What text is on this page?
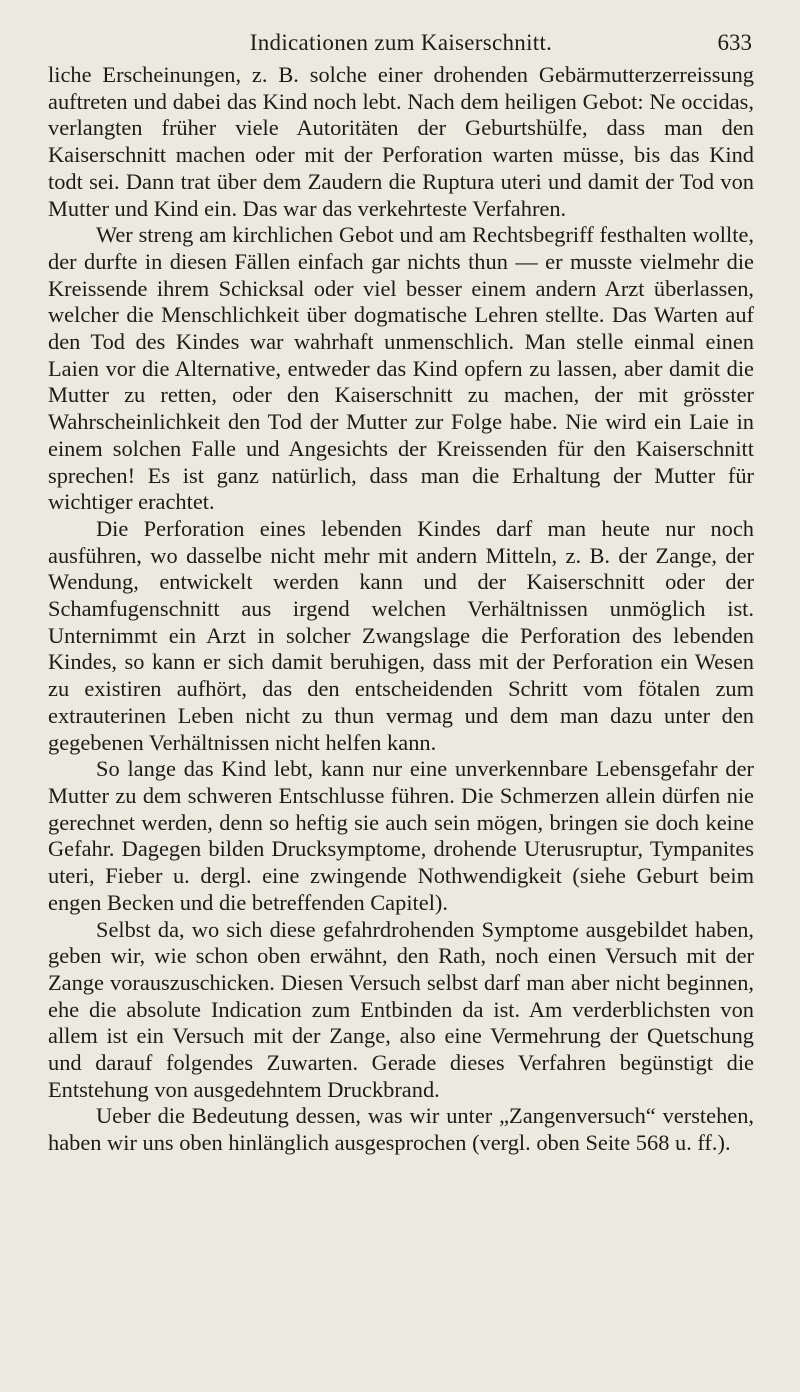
Indicationen zum Kaiserschnitt.	633

liche Erscheinungen, z. B. solche einer drohenden Gebärmutterzerreissung auftreten und dabei das Kind noch lebt. Nach dem heiligen Gebot: Ne occidas, verlangten früher viele Autoritäten der Geburtshülfe, dass man den Kaiserschnitt machen oder mit der Perforation warten müsse, bis das Kind todt sei. Dann trat über dem Zaudern die Ruptura uteri und damit der Tod von Mutter und Kind ein. Das war das verkehrteste Verfahren.

Wer streng am kirchlichen Gebot und am Rechtsbegriff festhalten wollte, der durfte in diesen Fällen einfach gar nichts thun — er musste vielmehr die Kreissende ihrem Schicksal oder viel besser einem andern Arzt überlassen, welcher die Menschlichkeit über dogmatische Lehren stellte. Das Warten auf den Tod des Kindes war wahrhaft unmenschlich. Man stelle einmal einen Laien vor die Alternative, entweder das Kind opfern zu lassen, aber damit die Mutter zu retten, oder den Kaiserschnitt zu machen, der mit grösster Wahrscheinlichkeit den Tod der Mutter zur Folge habe. Nie wird ein Laie in einem solchen Falle und Angesichts der Kreissenden für den Kaiserschnitt sprechen! Es ist ganz natürlich, dass man die Erhaltung der Mutter für wichtiger erachtet.

Die Perforation eines lebenden Kindes darf man heute nur noch ausführen, wo dasselbe nicht mehr mit andern Mitteln, z. B. der Zange, der Wendung, entwickelt werden kann und der Kaiserschnitt oder der Schamfugenschnitt aus irgend welchen Verhältnissen unmöglich ist. Unternimmt ein Arzt in solcher Zwangslage die Perforation des lebenden Kindes, so kann er sich damit beruhigen, dass mit der Perforation ein Wesen zu existiren aufhört, das den entscheidenden Schritt vom fötalen zum extrauterinen Leben nicht zu thun vermag und dem man dazu unter den gegebenen Verhältnissen nicht helfen kann.

So lange das Kind lebt, kann nur eine unverkennbare Lebensgefahr der Mutter zu dem schweren Entschlusse führen. Die Schmerzen allein dürfen nie gerechnet werden, denn so heftig sie auch sein mögen, bringen sie doch keine Gefahr. Dagegen bilden Drucksymptome, drohende Uterusruptur, Tympanites uteri, Fieber u. dergl. eine zwingende Nothwendigkeit (siehe Geburt beim engen Becken und die betreffenden Capitel).

Selbst da, wo sich diese gefahrdrohenden Symptome ausgebildet haben, geben wir, wie schon oben erwähnt, den Rath, noch einen Versuch mit der Zange vorauszuschicken. Diesen Versuch selbst darf man aber nicht beginnen, ehe die absolute Indication zum Entbinden da ist. Am verderblichsten von allem ist ein Versuch mit der Zange, also eine Vermehrung der Quetschung und darauf folgendes Zuwarten. Gerade dieses Verfahren begünstigt die Entstehung von ausgedehntem Druckbrand.

Ueber die Bedeutung dessen, was wir unter „Zangenversuch“ verstehen, haben wir uns oben hinlänglich ausgesprochen (vergl. oben Seite 568 u. ff.).
